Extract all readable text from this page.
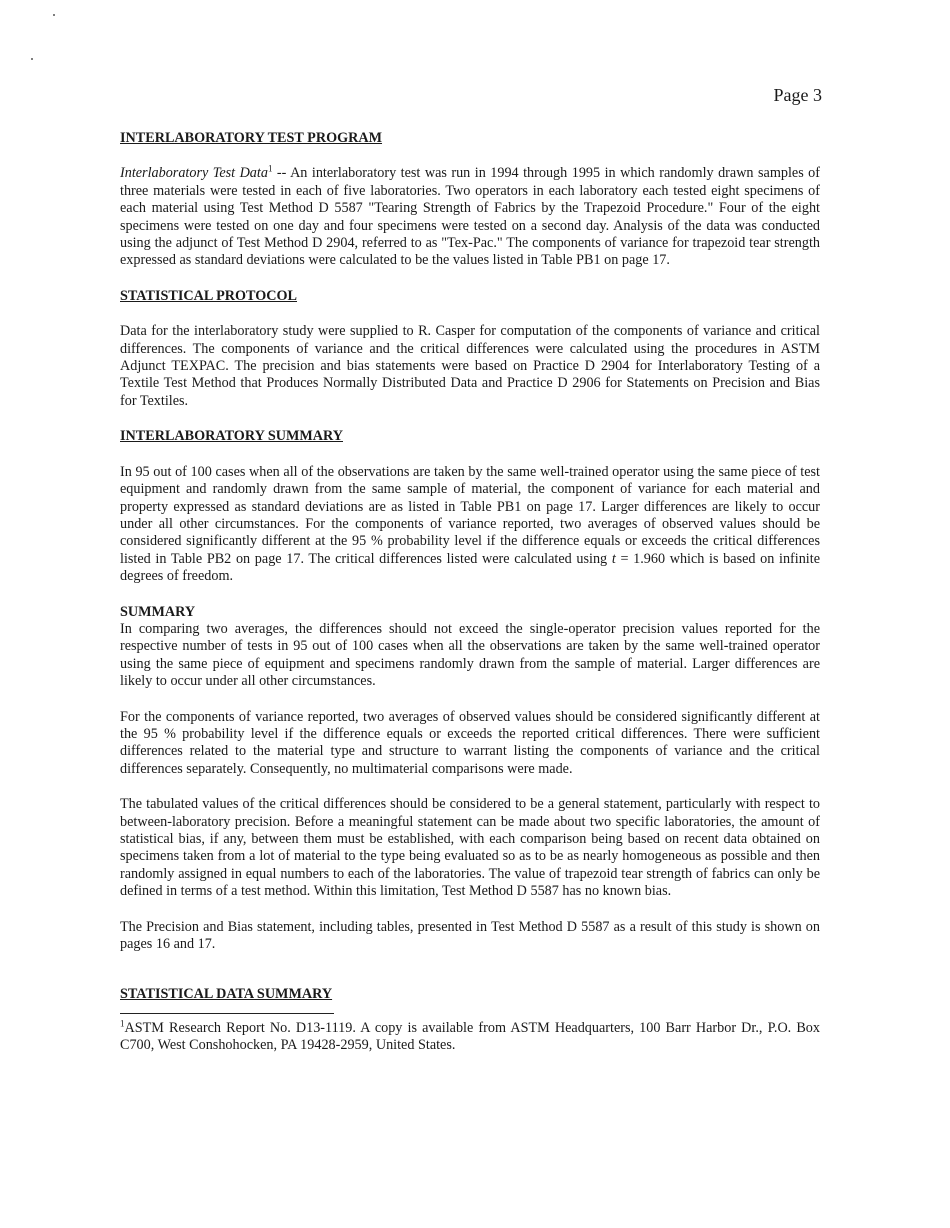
Page 3
INTERLABORATORY TEST PROGRAM

Interlaboratory Test Data$^1$ -- An interlaboratory test was run in 1994 through 1995 in which randomly drawn samples of three materials were tested in each of five laboratories. Two operators in each laboratory each tested eight specimens of each material using Test Method D 5587 "Tearing Strength of Fabrics by the Trapezoid Procedure." Four of the eight specimens were tested on one day and four specimens were tested on a second day. Analysis of the data was conducted using the adjunct of Test Method D 2904, referred to as "Tex-Pac." The components of variance for trapezoid tear strength expressed as standard deviations were calculated to be the values listed in Table PB1 on page 17.

STATISTICAL PROTOCOL

Data for the interlaboratory study were supplied to R. Casper for computation of the components of variance and critical differences. The components of variance and the critical differences were calculated using the procedures in ASTM Adjunct TEXPAC. The precision and bias statements were based on Practice D 2904 for Interlaboratory Testing of a Textile Test Method that Produces Normally Distributed Data and Practice D 2906 for Statements on Precision and Bias for Textiles.

INTERLABORATORY SUMMARY

In 95 out of 100 cases when all of the observations are taken by the same well-trained operator using the same piece of test equipment and randomly drawn from the same sample of material, the component of variance for each material and property expressed as standard deviations are as listed in Table PB1 on page 17. Larger differences are likely to occur under all other circumstances. For the components of variance reported, two averages of observed values should be considered significantly different at the 95 % probability level if the difference equals or exceeds the critical differences listed in Table PB2 on page 17. The critical differences listed were calculated using t = 1.960 which is based on infinite degrees of freedom.

SUMMARY

In comparing two averages, the differences should not exceed the single-operator precision values reported for the respective number of tests in 95 out of 100 cases when all the observations are taken by the same well-trained operator using the same piece of equipment and specimens randomly drawn from the sample of material. Larger differences are likely to occur under all other circumstances.

For the components of variance reported, two averages of observed values should be considered significantly different at the 95 % probability level if the difference equals or exceeds the reported critical differences. There were sufficient differences related to the material type and structure to warrant listing the components of variance and the critical differences separately. Consequently, no multimaterial comparisons were made.

The tabulated values of the critical differences should be considered to be a general statement, particularly with respect to between-laboratory precision. Before a meaningful statement can be made about two specific laboratories, the amount of statistical bias, if any, between them must be established, with each comparison being based on recent data obtained on specimens taken from a lot of material to the type being evaluated so as to be as nearly homogeneous as possible and then randomly assigned in equal numbers to each of the laboratories. The value of trapezoid tear strength of fabrics can only be defined in terms of a test method. Within this limitation, Test Method D 5587 has no known bias.

The Precision and Bias statement, including tables, presented in Test Method D 5587 as a result of this study is shown on pages 16 and 17.

STATISTICAL DATA SUMMARY

$^1$ASTM Research Report No. D13-1119. A copy is available from ASTM Headquarters, 100 Barr Harbor Dr., P.O. Box C700, West Conshohocken, PA 19428-2959, United States.
